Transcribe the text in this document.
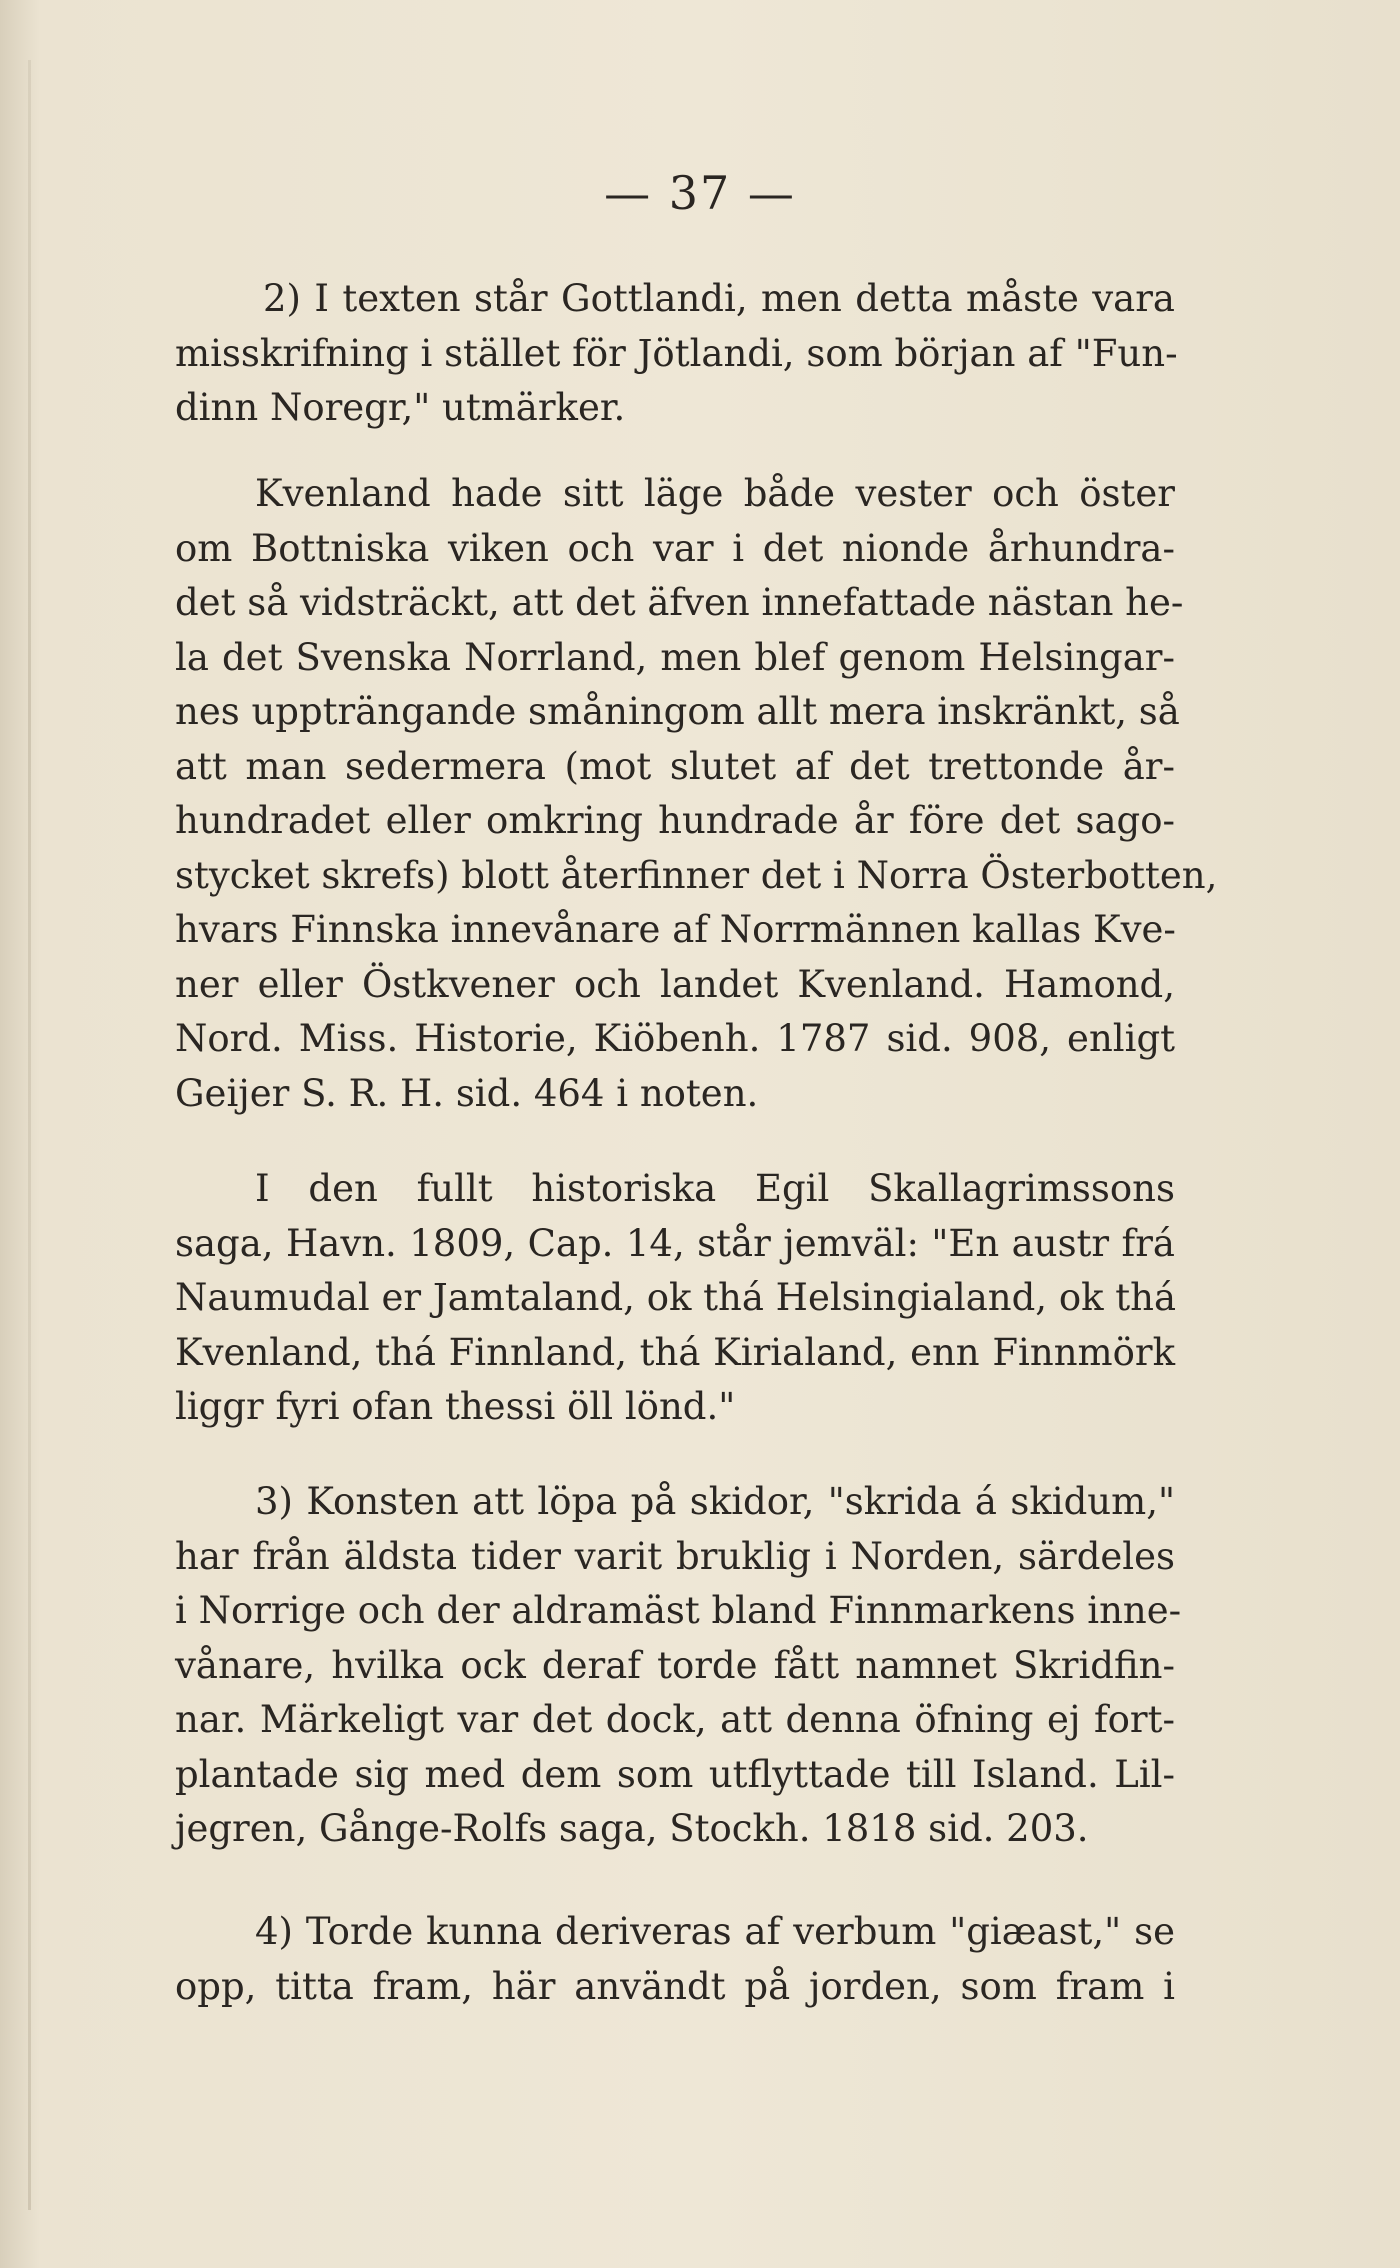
— 37 —
2) I texten står Gottlandi, men detta måste vara
misskrifning i stället för Jötlandi, som början af "Fun-
dinn Noregr," utmärker.
Kvenland hade sitt läge både vester och öster
om Bottniska viken och var i det nionde århundra-
det så vidsträckt, att det äfven innefattade nästan he-
la det Svenska Norrland, men blef genom Helsingar-
nes uppträngande småningom allt mera inskränkt, så
att man sedermera (mot slutet af det trettonde år-
hundradet eller omkring hundrade år före det sago-
stycket skrefs) blott återfinner det i Norra Österbotten,
hvars Finnska innevånare af Norrmännen kallas Kve-
ner eller Östkvener och landet Kvenland. Hamond,
Nord. Miss. Historie, Kiöbenh. 1787 sid. 908, enligt
Geijer S. R. H. sid. 464 i noten.
I den fullt historiska Egil Skallagrimssons
saga, Havn. 1809, Cap. 14, står jemväl: "En austr frá
Naumudal er Jamtaland, ok thá Helsingialand, ok thá
Kvenland, thá Finnland, thá Kirialand, enn Finnmörk
liggr fyri ofan thessi öll lönd."
3) Konsten att löpa på skidor, "skrida á skidum,"
har från äldsta tider varit bruklig i Norden, särdeles
i Norrige och der aldramäst bland Finnmarkens inne-
vånare, hvilka ock deraf torde fått namnet Skridfin-
nar. Märkeligt var det dock, att denna öfning ej fort-
plantade sig med dem som utflyttade till Island. Lil-
jegren, Gånge-Rolfs saga, Stockh. 1818 sid. 203.
4) Torde kunna deriveras af verbum "giæast," se
opp, titta fram, här användt på jorden, som fram i
